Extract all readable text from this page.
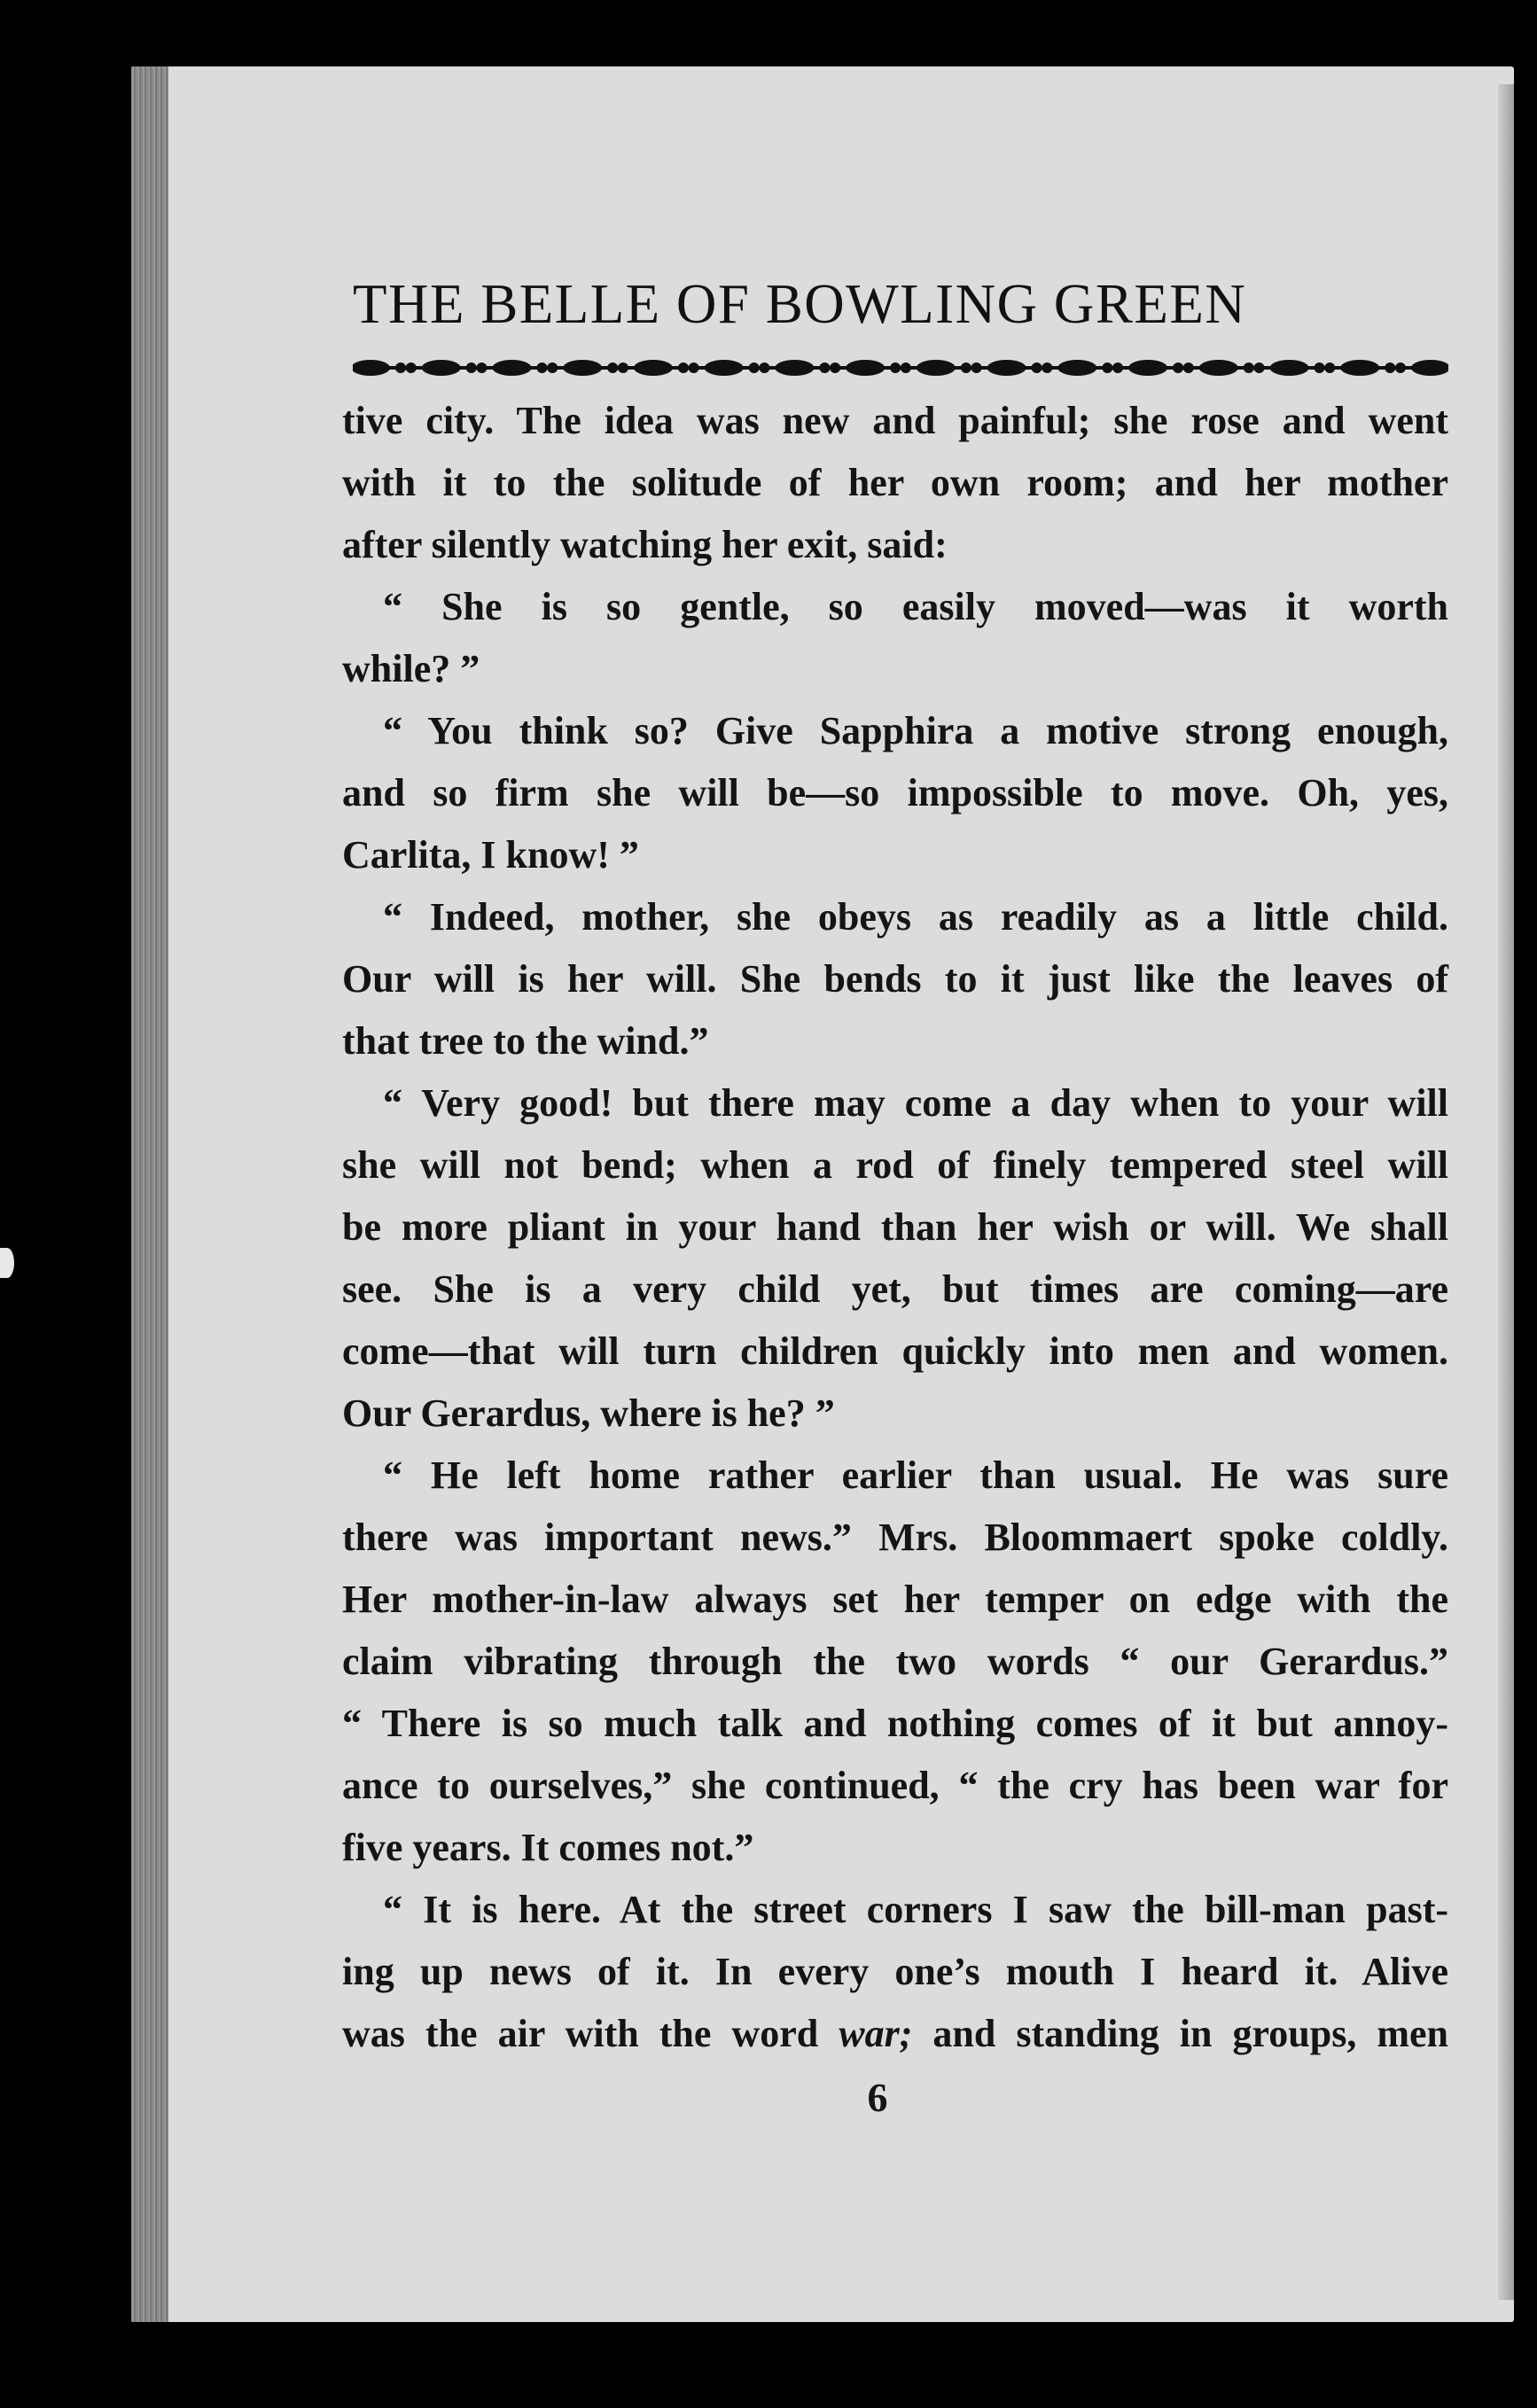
THE BELLE OF BOWLING GREEN

tive city. The idea was new and painful; she rose and went

with it to the solitude of her own room; and her mother

after silently watching her exit, said:

“ She is so gentle, so easily moved—was it worth

while? ”

“ You think so? Give Sapphira a motive strong enough,

and so firm she will be—so impossible to move. Oh, yes,

Carlita, I know! ”

“ Indeed, mother, she obeys as readily as a little child.

Our will is her will. She bends to it just like the leaves of

that tree to the wind.”

“ Very good! but there may come a day when to your will

she will not bend; when a rod of finely tempered steel will

be more pliant in your hand than her wish or will. We shall

see. She is a very child yet, but times are coming—are

come—that will turn children quickly into men and women.

Our Gerardus, where is he? ”

“ He left home rather earlier than usual. He was sure

there was important news.” Mrs. Bloommaert spoke coldly.

Her mother-in-law always set her temper on edge with the

claim vibrating through the two words “ our Gerardus.”

“ There is so much talk and nothing comes of it but annoy-

ance to ourselves,” she continued, “ the cry has been war for

five years. It comes not.”

“ It is here. At the street corners I saw the bill-man past-

ing up news of it. In every one’s mouth I heard it. Alive

was the air with the word war; and standing in groups, men

6
